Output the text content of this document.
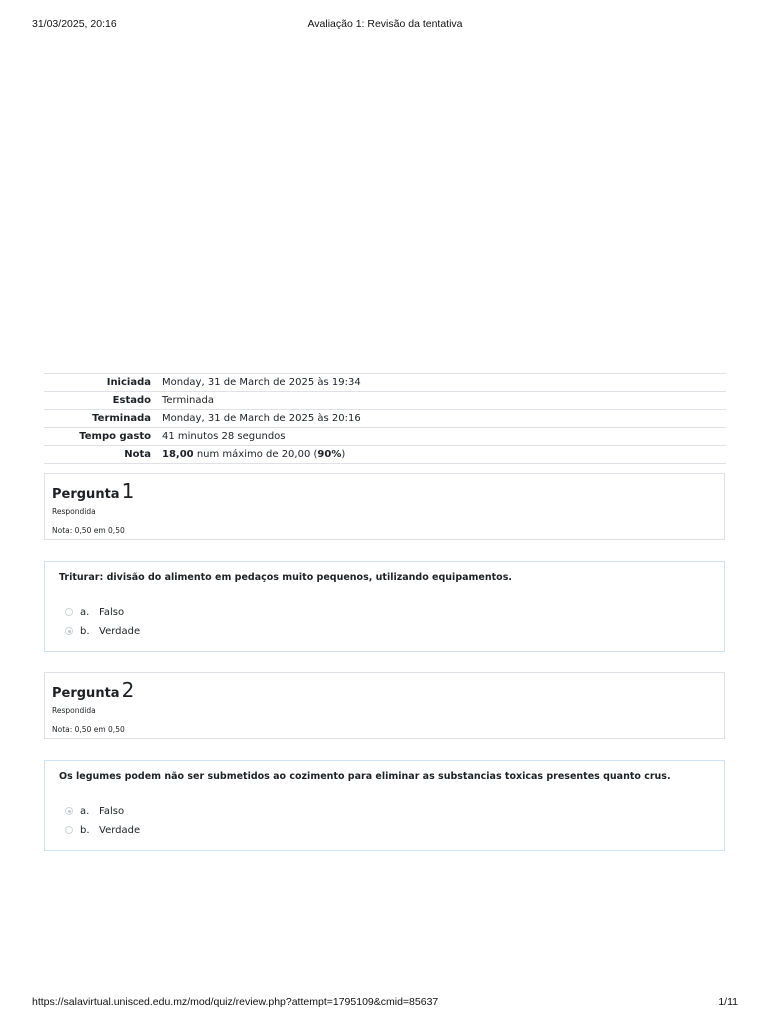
31/03/2025, 20:16	Avaliação 1: Revisão da tentativa
Iniciada	Monday, 31 de March de 2025 às 19:34
Estado	Terminada
Terminada	Monday, 31 de March de 2025 às 20:16
Tempo gasto	41 minutos 28 segundos
Nota	18,00 num máximo de 20,00 (90%)
Pergunta 1
Respondida
Nota: 0,50 em 0,50
Triturar: divisão do alimento em pedaços muito pequenos, utilizando equipamentos.
a. Falso
b. Verdade
Pergunta 2
Respondida
Nota: 0,50 em 0,50
Os legumes podem não ser submetidos ao cozimento para eliminar as substancias toxicas presentes quanto crus.
a. Falso
b. Verdade
https://salavirtual.unisced.edu.mz/mod/quiz/review.php?attempt=1795109&cmid=85637	1/11
